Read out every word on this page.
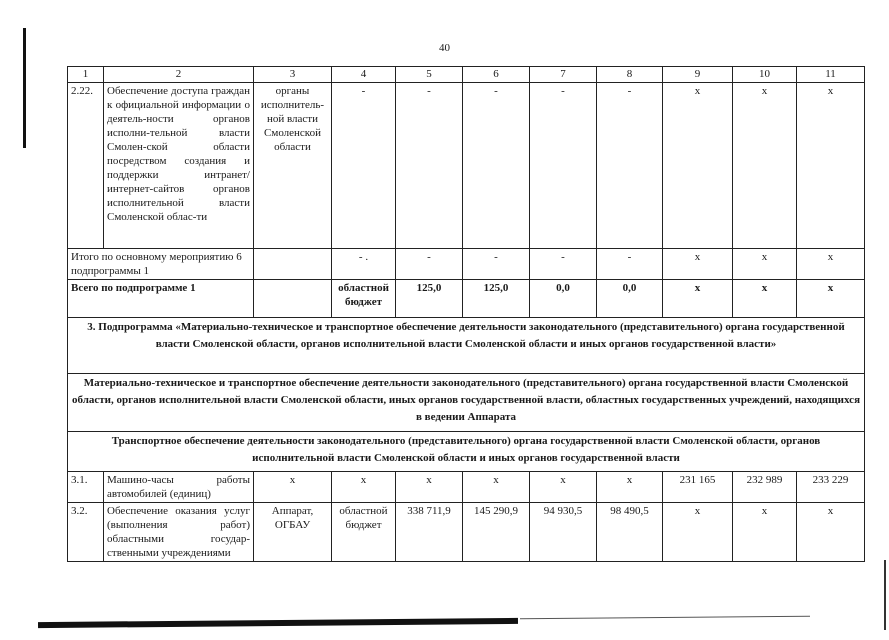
40
1	2	3	4	5	6	7	8	9	10	11
2.22.	Обеспечение доступа граждан к официальной информации о деятель-ности органов исполни-тельной власти Смолен-ской области посредством создания и поддержки интранет/интернет-сайтов органов исполнительной власти Смоленской облас-ти	органы исполнитель-ной власти Смоленской области	-	-	-	-	-	x	x	x
Итого по основному мероприятию 6 подпрограммы 1			- .	-	-	-	-	x	x	x
Всего по подпрограмме 1			областной бюджет	125,0	125,0	0,0	0,0	x	x	x
3. Подпрограмма «Материально-техническое и транспортное обеспечение деятельности законодательного (представительного) органа государственной власти Смоленской области, органов исполнительной власти Смоленской области и иных органов государственной власти»										
Материально-техническое и транспортное обеспечение деятельности законодательного (представительного) органа государственной власти Смоленской области, органов исполнительной власти Смоленской области, иных органов государственной власти, областных государственных учреждений, находящихся в ведении Аппарата										
Транспортное обеспечение деятельности законодательного (представительного) органа государственной власти Смоленской области, органов исполнительной власти Смоленской области и иных органов государственной власти										
3.1.	Машино-часы работы автомобилей (единиц)	x	x	x	x	x	x	231 165	232 989	233 229
3.2.	Обеспечение оказания услуг (выполнения работ) областными государ-ственными учреждениями	Аппарат, ОГБАУ	областной бюджет	338 711,9	145 290,9	94 930,5	98 490,5	x	x	x
